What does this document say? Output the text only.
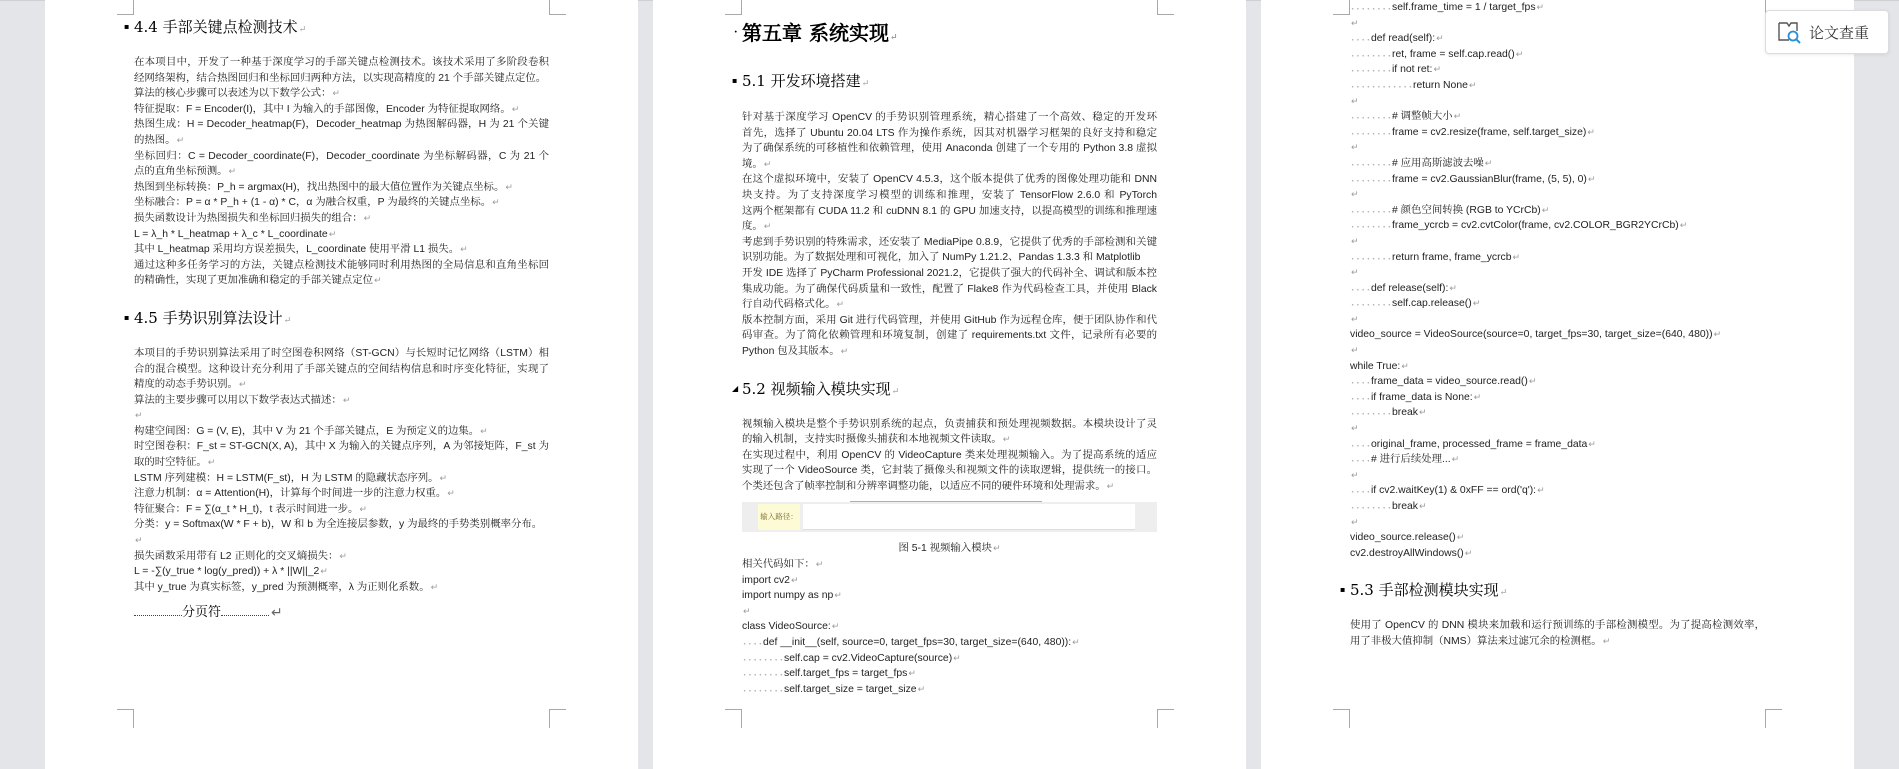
▪ 4.4 手部关键点检测技术 ↵
在本项目中，开发了一种基于深度学习的手部关键点检测技术。该技术采用了多阶段卷积
经网络架构，结合热图回归和坐标回归两种方法，以实现高精度的 21 个手部关键点定位。 ↵
算法的核心步骤可以表述为以下数学公式： ↵
特征提取：F = Encoder(I)，其中 I 为输入的手部图像，Encoder 为特征提取网络。 ↵
热图生成：H = Decoder_heatmap(F)，Decoder_heatmap 为热图解码器，H 为 21 个关键
的热图。 ↵
坐标回归：C = Decoder_coordinate(F)，Decoder_coordinate 为坐标解码器，C 为 21 个
点的直角坐标预测。 ↵
热图到坐标转换：P_h = argmax(H)，找出热图中的最大值位置作为关键点坐标。 ↵
坐标融合：P = α * P_h + (1 - α) * C，α 为融合权重，P 为最终的关键点坐标。 ↵
损失函数设计为热图损失和坐标回归损失的组合： ↵
L = λ_h * L_heatmap + λ_c * L_coordinate ↵
其中 L_heatmap 采用均方误差损失，L_coordinate 使用平滑 L1 损失。 ↵
通过这种多任务学习的方法，关键点检测技术能够同时利用热图的全局信息和直角坐标回
的精确性，实现了更加准确和稳定的手部关键点定位 ↵
▪ 4.5 手势识别算法设计 ↵
本项目的手势识别算法采用了时空图卷积网络（ST-GCN）与长短时记忆网络（LSTM）相
合的混合模型。这种设计充分利用了手部关键点的空间结构信息和时序变化特征，实现了
精度的动态手势识别。 ↵
算法的主要步骤可以用以下数学表达式描述： ↵
↵
构建空间图：G = (V, E)，其中 V 为 21 个手部关键点，E 为预定义的边集。 ↵
时空图卷积：F_st = ST-GCN(X, A)，其中 X 为输入的关键点序列，A 为邻接矩阵，F_st 为
取的时空特征。 ↵
LSTM 序列建模：H = LSTM(F_st)，H 为 LSTM 的隐藏状态序列。 ↵
注意力机制：α = Attention(H)，计算每个时间进一步的注意力权重。 ↵
特征聚合：F = ∑(α_t * H_t)，t 表示时间进一步。 ↵
分类：y = Softmax(W * F + b)，W 和 b 为全连接层参数，y 为最终的手势类别概率分布。 ↵
↵
损失函数采用带有 L2 正则化的交叉熵损失： ↵
L = -∑(y_true * log(y_pred)) + λ * ||W||_2 ↵
其中 y_true 为真实标签，y_pred 为预测概率，λ 为正则化系数。 ↵
分页符	↵
· 第五章 系统实现 ↵
▪ 5.1 开发环境搭建 ↵
针对基于深度学习 OpenCV 的手势识别管理系统，精心搭建了一个高效、稳定的开发环
首先，选择了 Ubuntu 20.04 LTS 作为操作系统，因其对机器学习框架的良好支持和稳定
为了确保系统的可移植性和依赖管理，使用 Anaconda 创建了一个专用的 Python 3.8 虚拟
境。 ↵
在这个虚拟环境中，安装了 OpenCV 4.5.3，这个版本提供了优秀的图像处理功能和 DNN
块支持。为了支持深度学习模型的训练和推理，安装了 TensorFlow 2.6.0 和 PyTorch
这两个框架都有 CUDA 11.2 和 cuDNN 8.1 的 GPU 加速支持，以提高模型的训练和推理速
度。 ↵
考虑到手势识别的特殊需求，还安装了 MediaPipe 0.8.9，它提供了优秀的手部检测和关键
识别功能。为了数据处理和可视化，加入了 NumPy 1.21.2、Pandas 1.3.3 和 Matplotlib ↵
开发 IDE 选择了 PyCharm Professional 2021.2，它提供了强大的代码补全、调试和版本控
集成功能。为了确保代码质量和一致性，配置了 Flake8 作为代码检查工具，并使用 Black
行自动代码格式化。 ↵
版本控制方面，采用 Git 进行代码管理，并使用 GitHub 作为远程仓库，便于团队协作和代
码审查。为了简化依赖管理和环境复制，创建了 requirements.txt 文件，记录所有必要的
Python 包及其版本。 ↵
◢ 5.2 视频输入模块实现 ↵
视频输入模块是整个手势识别系统的起点，负责捕获和预处理视频数据。本模块设计了灵
的输入机制，支持实时摄像头捕获和本地视频文件读取。 ↵
在实现过程中，利用 OpenCV 的 VideoCapture 类来处理视频输入。为了提高系统的适应
实现了一个 VideoSource 类，它封装了摄像头和视频文件的读取逻辑，提供统一的接口。
个类还包含了帧率控制和分辨率调整功能，以适应不同的硬件环境和处理需求。 ↵
输入路径：
图 5-1 视频输入模块 ↵
相关代码如下： ↵
import cv2 ↵
import numpy as np ↵
↵
class VideoSource: ↵
def __init__(self, source=0, target_fps=30, target_size=(640, 480)): ↵
self.cap = cv2.VideoCapture(source) ↵
self.target_fps = target_fps ↵
self.target_size = target_size ↵
self.frame_time = 1 / target_fps ↵
↵
def read(self): ↵
ret, frame = self.cap.read() ↵
if not ret: ↵
return None ↵
↵
# 调整帧大小 ↵
frame = cv2.resize(frame, self.target_size) ↵
↵
# 应用高斯滤波去噪 ↵
frame = cv2.GaussianBlur(frame, (5, 5), 0) ↵
↵
# 颜色空间转换 (RGB to YCrCb) ↵
frame_ycrcb = cv2.cvtColor(frame, cv2.COLOR_BGR2YCrCb) ↵
↵
return frame, frame_ycrcb ↵
↵
def release(self): ↵
self.cap.release() ↵
↵
video_source = VideoSource(source=0, target_fps=30, target_size=(640, 480)) ↵
↵
while True: ↵
frame_data = video_source.read() ↵
if frame_data is None: ↵
break ↵
↵
original_frame, processed_frame = frame_data ↵
# 进行后续处理... ↵
↵
if cv2.waitKey(1) & 0xFF == ord('q'): ↵
break ↵
↵
video_source.release() ↵
cv2.destroyAllWindows() ↵
▪ 5.3 手部检测模块实现 ↵
使用了 OpenCV 的 DNN 模块来加载和运行预训练的手部检测模型。为了提高检测效率，
用了非极大值抑制（NMS）算法来过滤冗余的检测框。 ↵
论文查重
